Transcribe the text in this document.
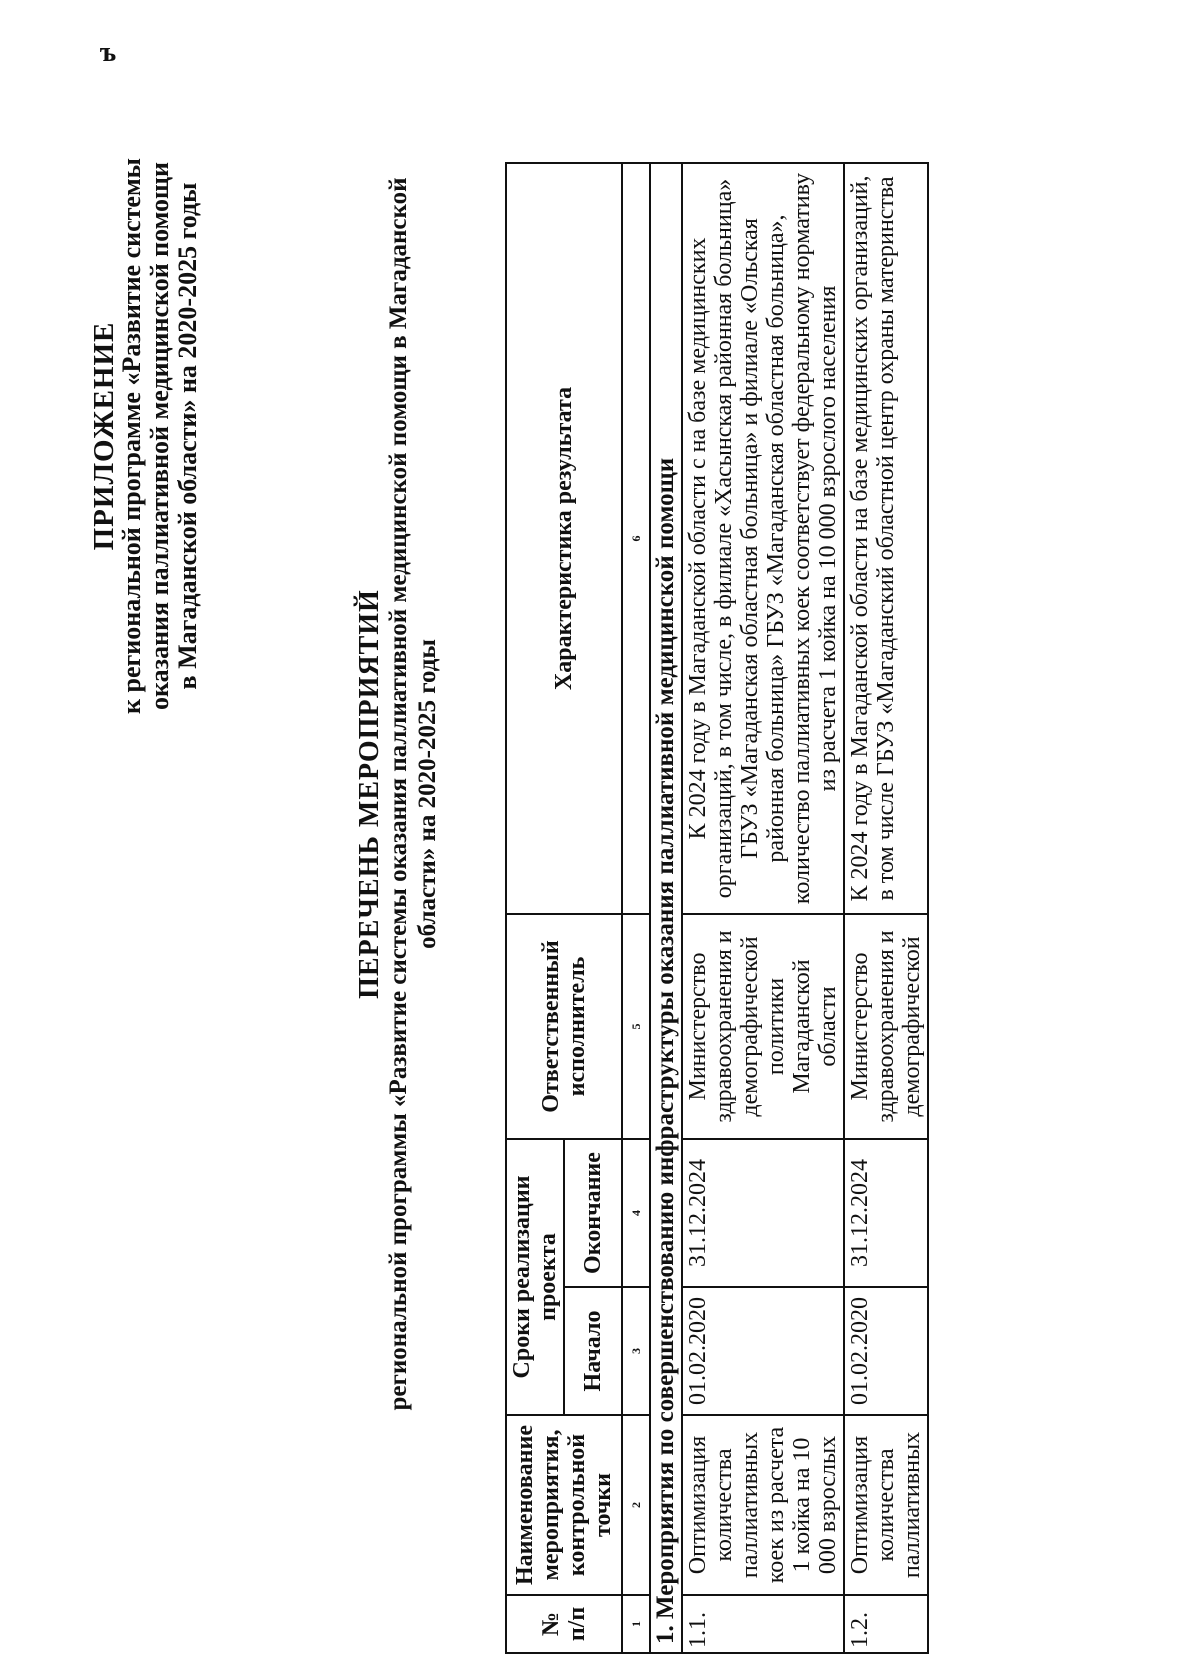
ъ
ПРИЛОЖЕНИЕ
к региональной программе «Развитие системы оказания паллиативной медицинской помощи в Магаданской области» на 2020-2025 годы
ПЕРЕЧЕНЬ МЕРОПРИЯТИЙ региональной программы «Развитие системы оказания паллиативной медицинской помощи в Магаданской области» на 2020-2025 годы
№ п/п	Наименование мероприятия, контрольной точки	Сроки реализации проекта		Ответственный исполнитель	Характеристика результата
		Начало	Окончание		
1	2	3	4	5	6
1. Мероприятия по совершенствованию инфраструктуры оказания паллиативной медицинской помощи					
1.1.	Оптимизация количества паллиативных коек из расчета 1 койка на 10 000 взрослых	01.02.2020	31.12.2024	Министерство здравоохранения и демографической политики Магаданской области	К 2024 году в Магаданской области с на базе медицинских организаций, в том числе, в филиале «Хасынская районная больница» ГБУЗ «Магаданская областная больница» и филиале «Ольская районная больница» ГБУЗ «Магаданская областная больница», количество паллиативных коек соответствует федеральному нормативу из расчета 1 койка на 10 000 взрослого населения
1.2.	Оптимизация количества паллиативных	01.02.2020	31.12.2024	Министерство здравоохранения и демографической	К 2024 году в Магаданской области на базе медицинских организаций, в том числе ГБУЗ «Магаданский областной центр охраны материнства
